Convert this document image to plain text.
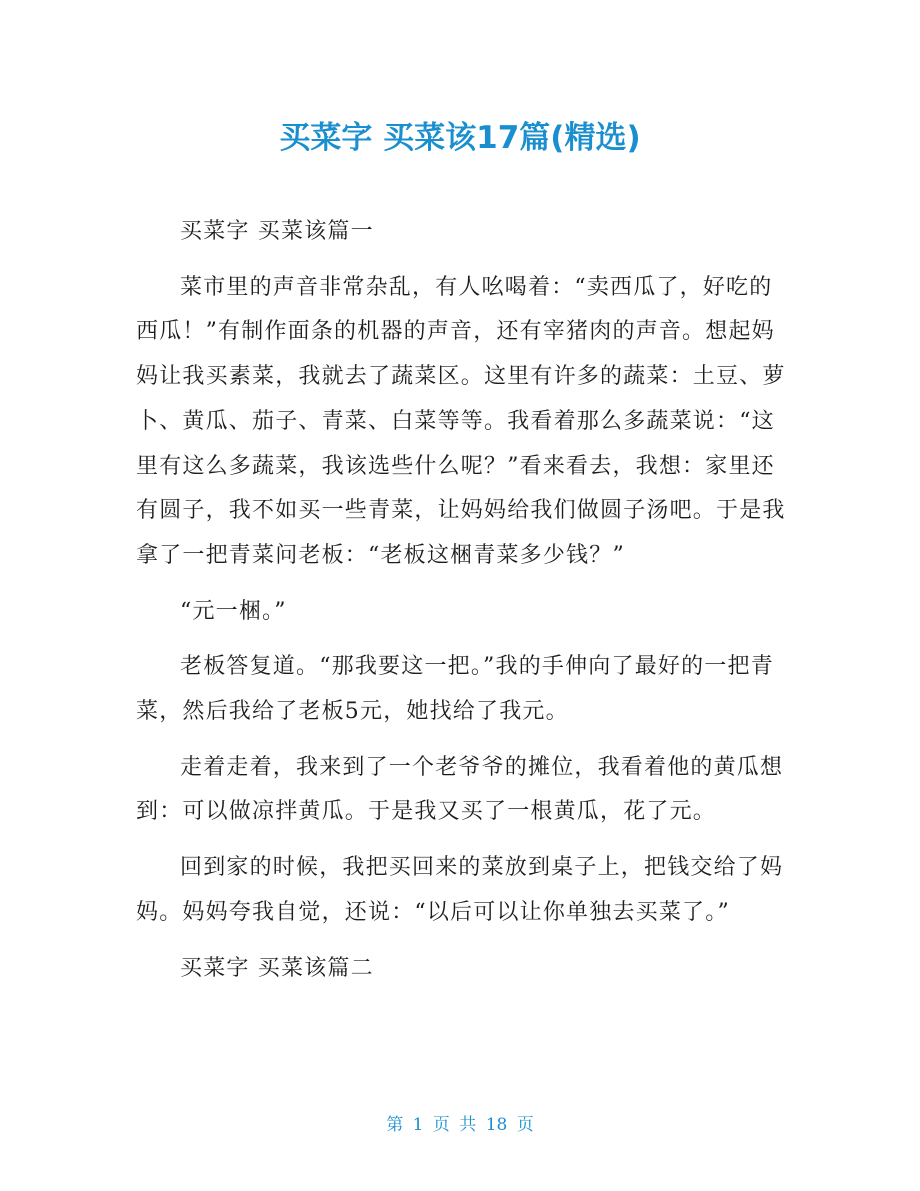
买菜字 买菜该17篇(精选)

买菜字 买菜该篇一

菜市里的声音非常杂乱，有人吆喝着：“卖西瓜了，好吃的西瓜！”有制作面条的机器的声音，还有宰猪肉的声音。想起妈妈让我买素菜，我就去了蔬菜区。这里有许多的蔬菜：土豆、萝卜、黄瓜、茄子、青菜、白菜等等。我看着那么多蔬菜说：“这里有这么多蔬菜，我该选些什么呢？”看来看去，我想：家里还有圆子，我不如买一些青菜，让妈妈给我们做圆子汤吧。于是我拿了一把青菜问老板：“老板这梱青菜多少钱？”

“元一梱。”

老板答复道。“那我要这一把。”我的手伸向了最好的一把青菜，然后我给了老板5元，她找给了我元。

走着走着，我来到了一个老爷爷的摊位，我看着他的黄瓜想到：可以做凉拌黄瓜。于是我又买了一根黄瓜，花了元。

回到家的时候，我把买回来的菜放到桌子上，把钱交给了妈妈。妈妈夸我自觉，还说：“以后可以让你单独去买菜了。”

买菜字 买菜该篇二

第 1 页 共 18 页
